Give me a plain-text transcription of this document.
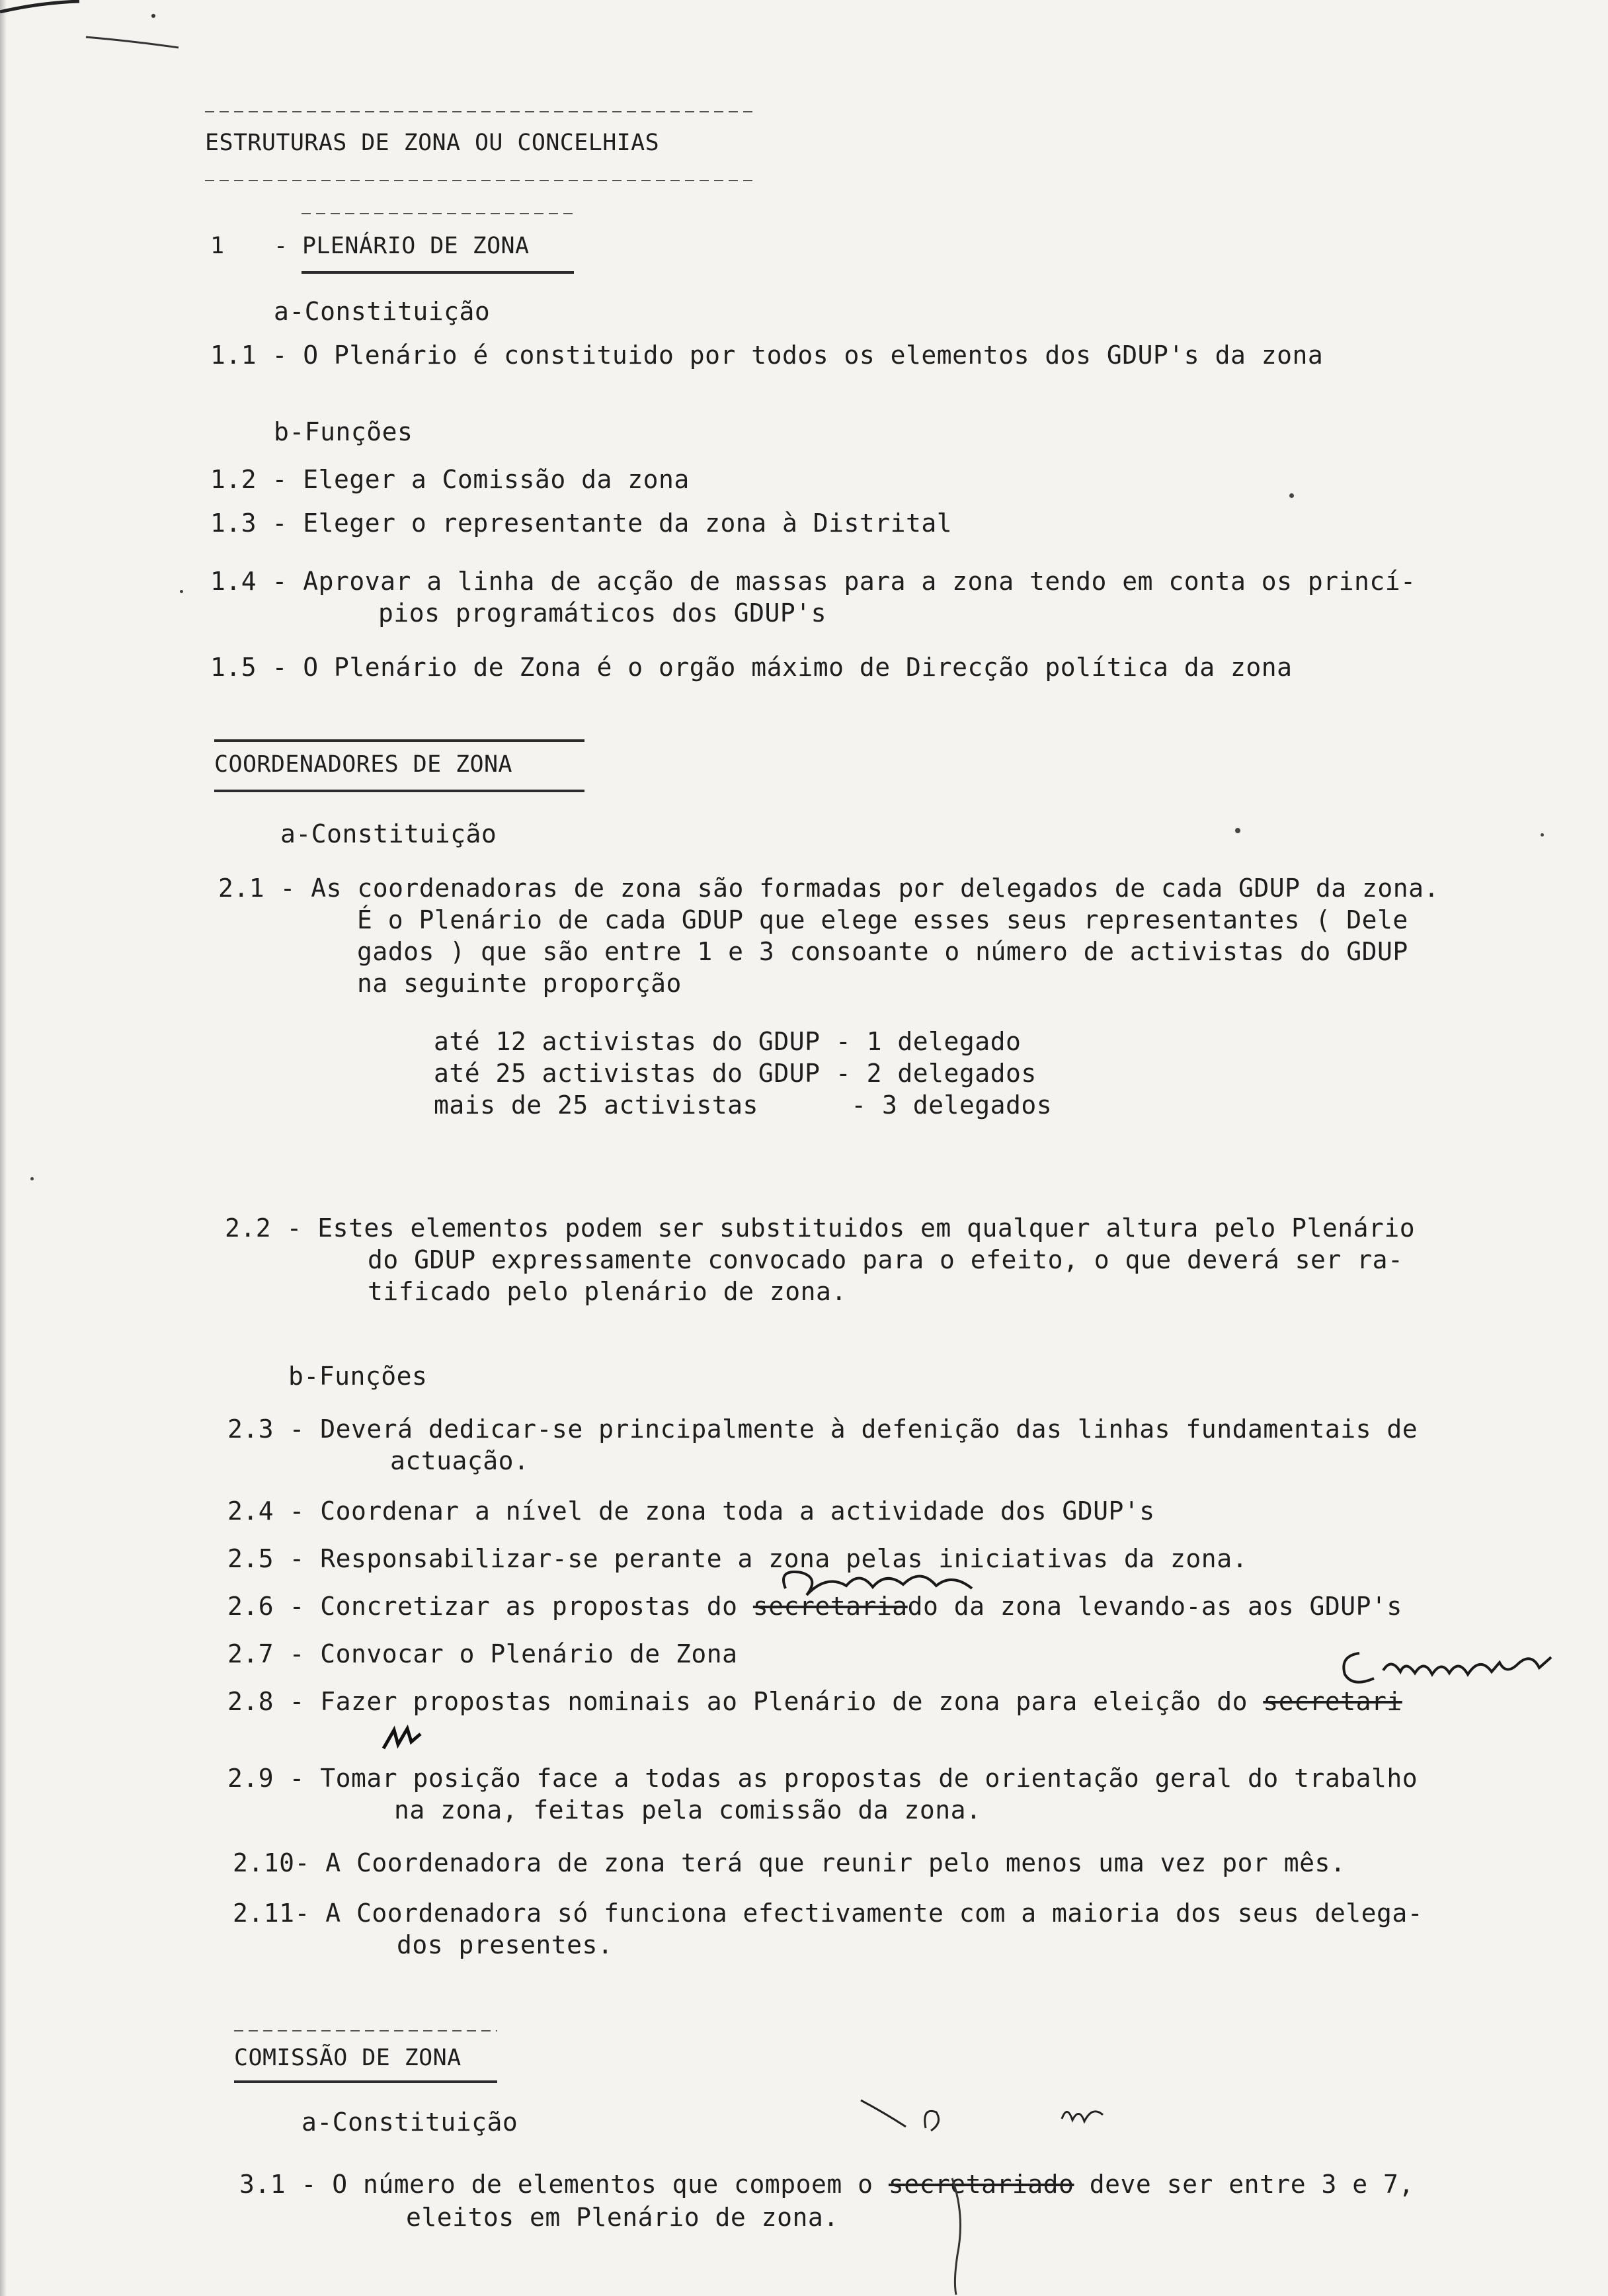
ESTRUTURAS DE ZONA OU CONCELHIAS
1 - PLENÁRIO DE ZONA
a-Constituição
1.1 - O Plenário é constituido por todos os elementos dos GDUP's da zona
b-Funções
1.2 - Eleger a Comissão da zona
1.3 - Eleger o representante da zona à Distrital
1.4 - Aprovar a linha de acção de massas para a zona tendo em conta os princí-
pios programáticos dos GDUP's
1.5 - O Plenário de Zona é o orgão máximo de Direcção política da zona
COORDENADORES DE ZONA
a-Constituição
2.1 - As coordenadoras de zona são formadas por delegados de cada GDUP da zona.
É o Plenário de cada GDUP que elege esses seus representantes ( Dele
gados ) que são entre 1 e 3 consoante o número de activistas do GDUP
na seguinte proporção
até 12 activistas do GDUP - 1 delegado
até 25 activistas do GDUP - 2 delegados
mais de 25 activistas      - 3 delegados
2.2 - Estes elementos podem ser substituidos em qualquer altura pelo Plenário
do GDUP expressamente convocado para o efeito, o que deverá ser ra-
tificado pelo plenário de zona.
b-Funções
2.3 - Deverá dedicar-se principalmente à defenição das linhas fundamentais de
actuação.
2.4 - Coordenar a nível de zona toda a actividade dos GDUP's
2.5 - Responsabilizar-se perante a zona pelas iniciativas da zona.
2.6 - Concretizar as propostas do secretariado da zona levando-as aos GDUP's
2.7 - Convocar o Plenário de Zona
2.8 - Fazer propostas nominais ao Plenário de zona para eleição do secretari
2.9 - Tomar posição face a todas as propostas de orientação geral do trabalho
na zona, feitas pela comissão da zona.
2.10- A Coordenadora de zona terá que reunir pelo menos uma vez por mês.
2.11- A Coordenadora só funciona efectivamente com a maioria dos seus delega-
dos presentes.
COMISSÃO DE ZONA
a-Constituição
3.1 - O número de elementos que compoem o secretariado deve ser entre 3 e 7,
eleitos em Plenário de zona.
